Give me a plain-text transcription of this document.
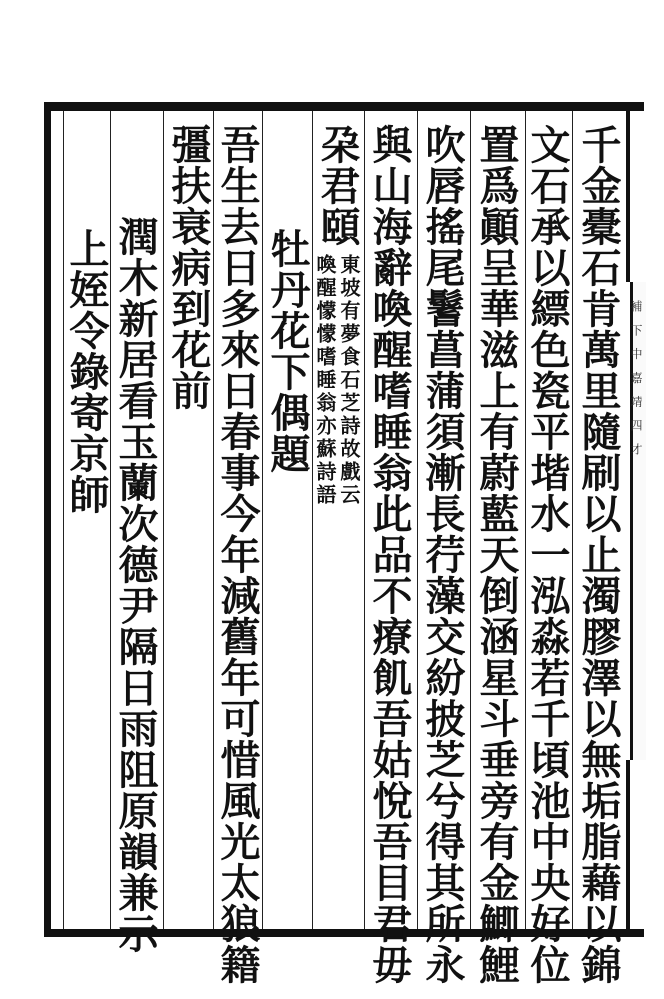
補 下 中 嘉 靖 四 才
千金橐石肯萬里隨刷以止濁膠澤以無垢脂藉以錦
文石承以縹色瓷平堦水一泓淼若千頃池中央好位
置爲顚呈華滋上有蔚藍天倒涵星斗垂旁有金鯽鯉
吹唇搖尾鬐菖蒲須漸長荇藻交紛披芝兮得其所永
與山海辭喚醒嗜睡翁此品不療飢吾姑悅吾目君毋
朶君頤
東坡有夢食石芝詩故戲云
喚醒懞懞嗜睡翁亦蘇詩語
牡丹花下偶題
吾生去日多來日春事今年減舊年可惜風光太狼籍
彊扶衰病到花前
潤木新居看玉蘭次德尹隔日雨阻原韻兼示
上姪令錄寄京師
